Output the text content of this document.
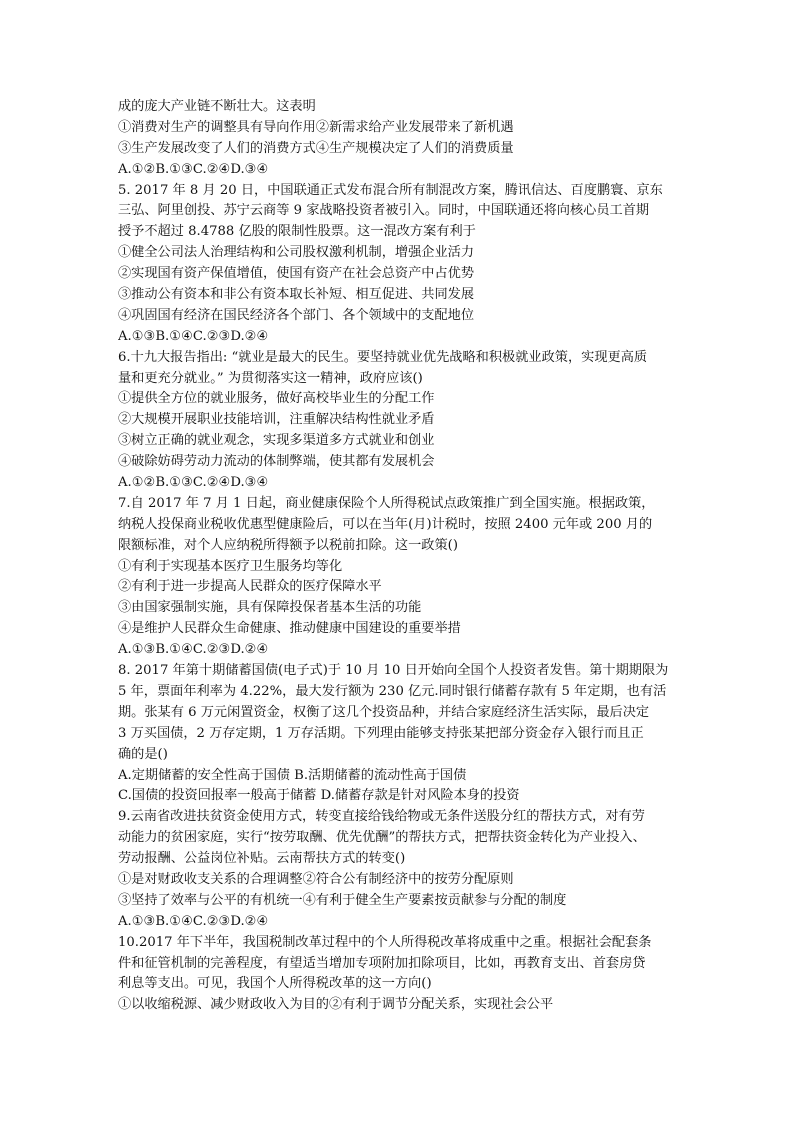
成的庞大产业链不断壮大。这表明
①消费对生产的调整具有导向作用②新需求给产业发展带来了新机遇
③生产发展改变了人们的消费方式④生产规模决定了人们的消费质量
A.①②B.①③C.②④D.③④
5. 2017 年 8 月 20 日，中国联通正式发布混合所有制混改方案，腾讯信达、百度鹏寰、京东
三弘、阿里创投、苏宁云商等 9 家战略投资者被引入。同时，中国联通还将向核心员工首期
授予不超过 8.4788 亿股的限制性股票。这一混改方案有利于
①健全公司法人治理结构和公司股权激利机制，增强企业活力
②实现国有资产保值增值，使国有资产在社会总资产中占优势
③推动公有资本和非公有资本取长补短、相互促进、共同发展
④巩固国有经济在国民经济各个部门、各个领域中的支配地位
A.①③B.①④C.②③D.②④
6.十九大报告指出: “就业是最大的民生。要坚持就业优先战略和积极就业政策，实现更高质
量和更充分就业。” 为贯彻落实这一精神，政府应该()
①提供全方位的就业服务，做好高校毕业生的分配工作
②大规模开展职业技能培训，注重解决结构性就业矛盾
③树立正确的就业观念，实现多渠道多方式就业和创业
④破除妨碍劳动力流动的体制弊端，使其都有发展机会
A.①②B.①③C.②④D.③④
7.自 2017 年 7 月 1 日起，商业健康保险个人所得税试点政策推广到全国实施。根据政策，
纳税人投保商业税收优惠型健康险后，可以在当年(月)计税时，按照 2400 元年或 200 月的
限额标准，对个人应纳税所得额予以税前扣除。这一政策()
①有利于实现基本医疗卫生服务均等化
②有利于进一步提高人民群众的医疗保障水平
③由国家强制实施，具有保障投保者基本生活的功能
④是维护人民群众生命健康、推动健康中国建设的重要举措
A.①③B.①④C.②③D.②④
8. 2017 年第十期储蓄国债(电子式)于 10 月 10 日开始向全国个人投资者发售。第十期期限为
5 年，票面年利率为 4.22%，最大发行额为 230 亿元.同时银行储蓄存款有 5 年定期，也有活
期。张某有 6 万元闲置资金，权衡了这几个投资品种，并结合家庭经济生活实际，最后决定
3 万买国债，2 万存定期，1 万存活期。下列理由能够支持张某把部分资金存入银行而且正
确的是()
A.定期储蓄的安全性高于国债 B.活期储蓄的流动性高于国债
C.国债的投资回报率一般高于储蓄 D.储蓄存款是针对风险本身的投资
9.云南省改进扶贫资金使用方式，转变直接给钱给物或无条件送股分红的帮扶方式，对有劳
动能力的贫困家庭，实行“按劳取酬、优先优酬”的帮扶方式，把帮扶资金转化为产业投入、
劳动报酬、公益岗位补贴。云南帮扶方式的转变()
①是对财政收支关系的合理调整②符合公有制经济中的按劳分配原则
③坚持了效率与公平的有机统一④有利于健全生产要素按贡献参与分配的制度
A.①③B.①④C.②③D.②④
10.2017 年下半年，我国税制改革过程中的个人所得税改革将成重中之重。根据社会配套条
件和征管机制的完善程度，有望适当增加专项附加扣除项目，比如，再教育支出、首套房贷
利息等支出。可见，我国个人所得税改革的这一方向()
①以收缩税源、减少财政收入为目的②有利于调节分配关系，实现社会公平
